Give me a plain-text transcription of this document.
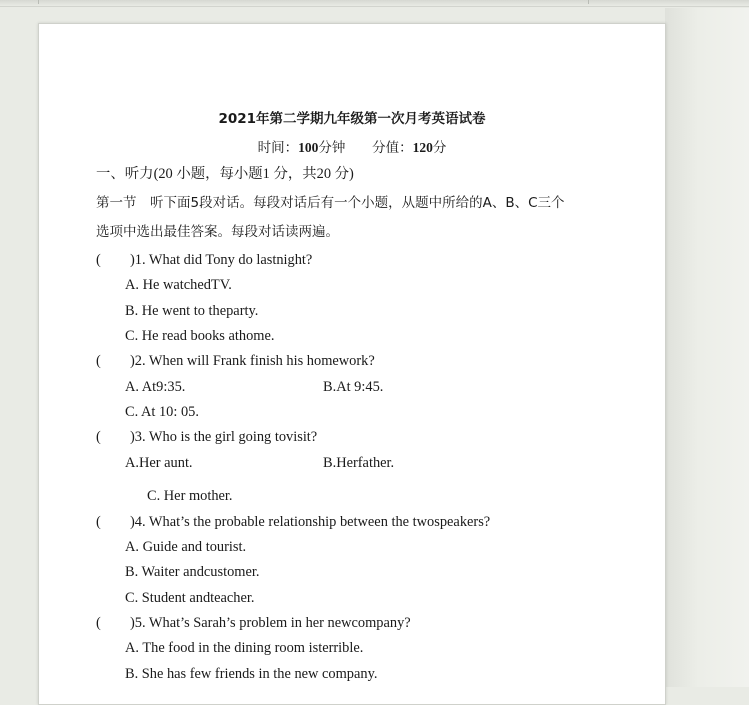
2021年第二学期九年级第一次月考英语试卷
时间：100分钟 分值：120分
一、听力(20 小题，每小题1 分，共20 分)
第一节　听下面5段对话。每段对话后有一个小题，从题中所给的A、B、C三个
选项中选出最佳答案。每段对话读两遍。
( )1. What did Tony do lastnight?
A. He watchedTV.
B. He went to theparty.
C. He read books athome.
( )2. When will Frank finish his homework?
A. At9:35.	B.At 9:45.
C. At 10: 05.
( )3. Who is the girl going tovisit?
A.Her aunt.	B.Herfather.
C. Her mother.
( )4. What’s the probable relationship between the twospeakers?
A. Guide and tourist.
B. Waiter andcustomer.
C. Student andteacher.
( )5. What’s Sarah’s problem in her newcompany?
A. The food in the dining room isterrible.
B. She has few friends in the new company.
